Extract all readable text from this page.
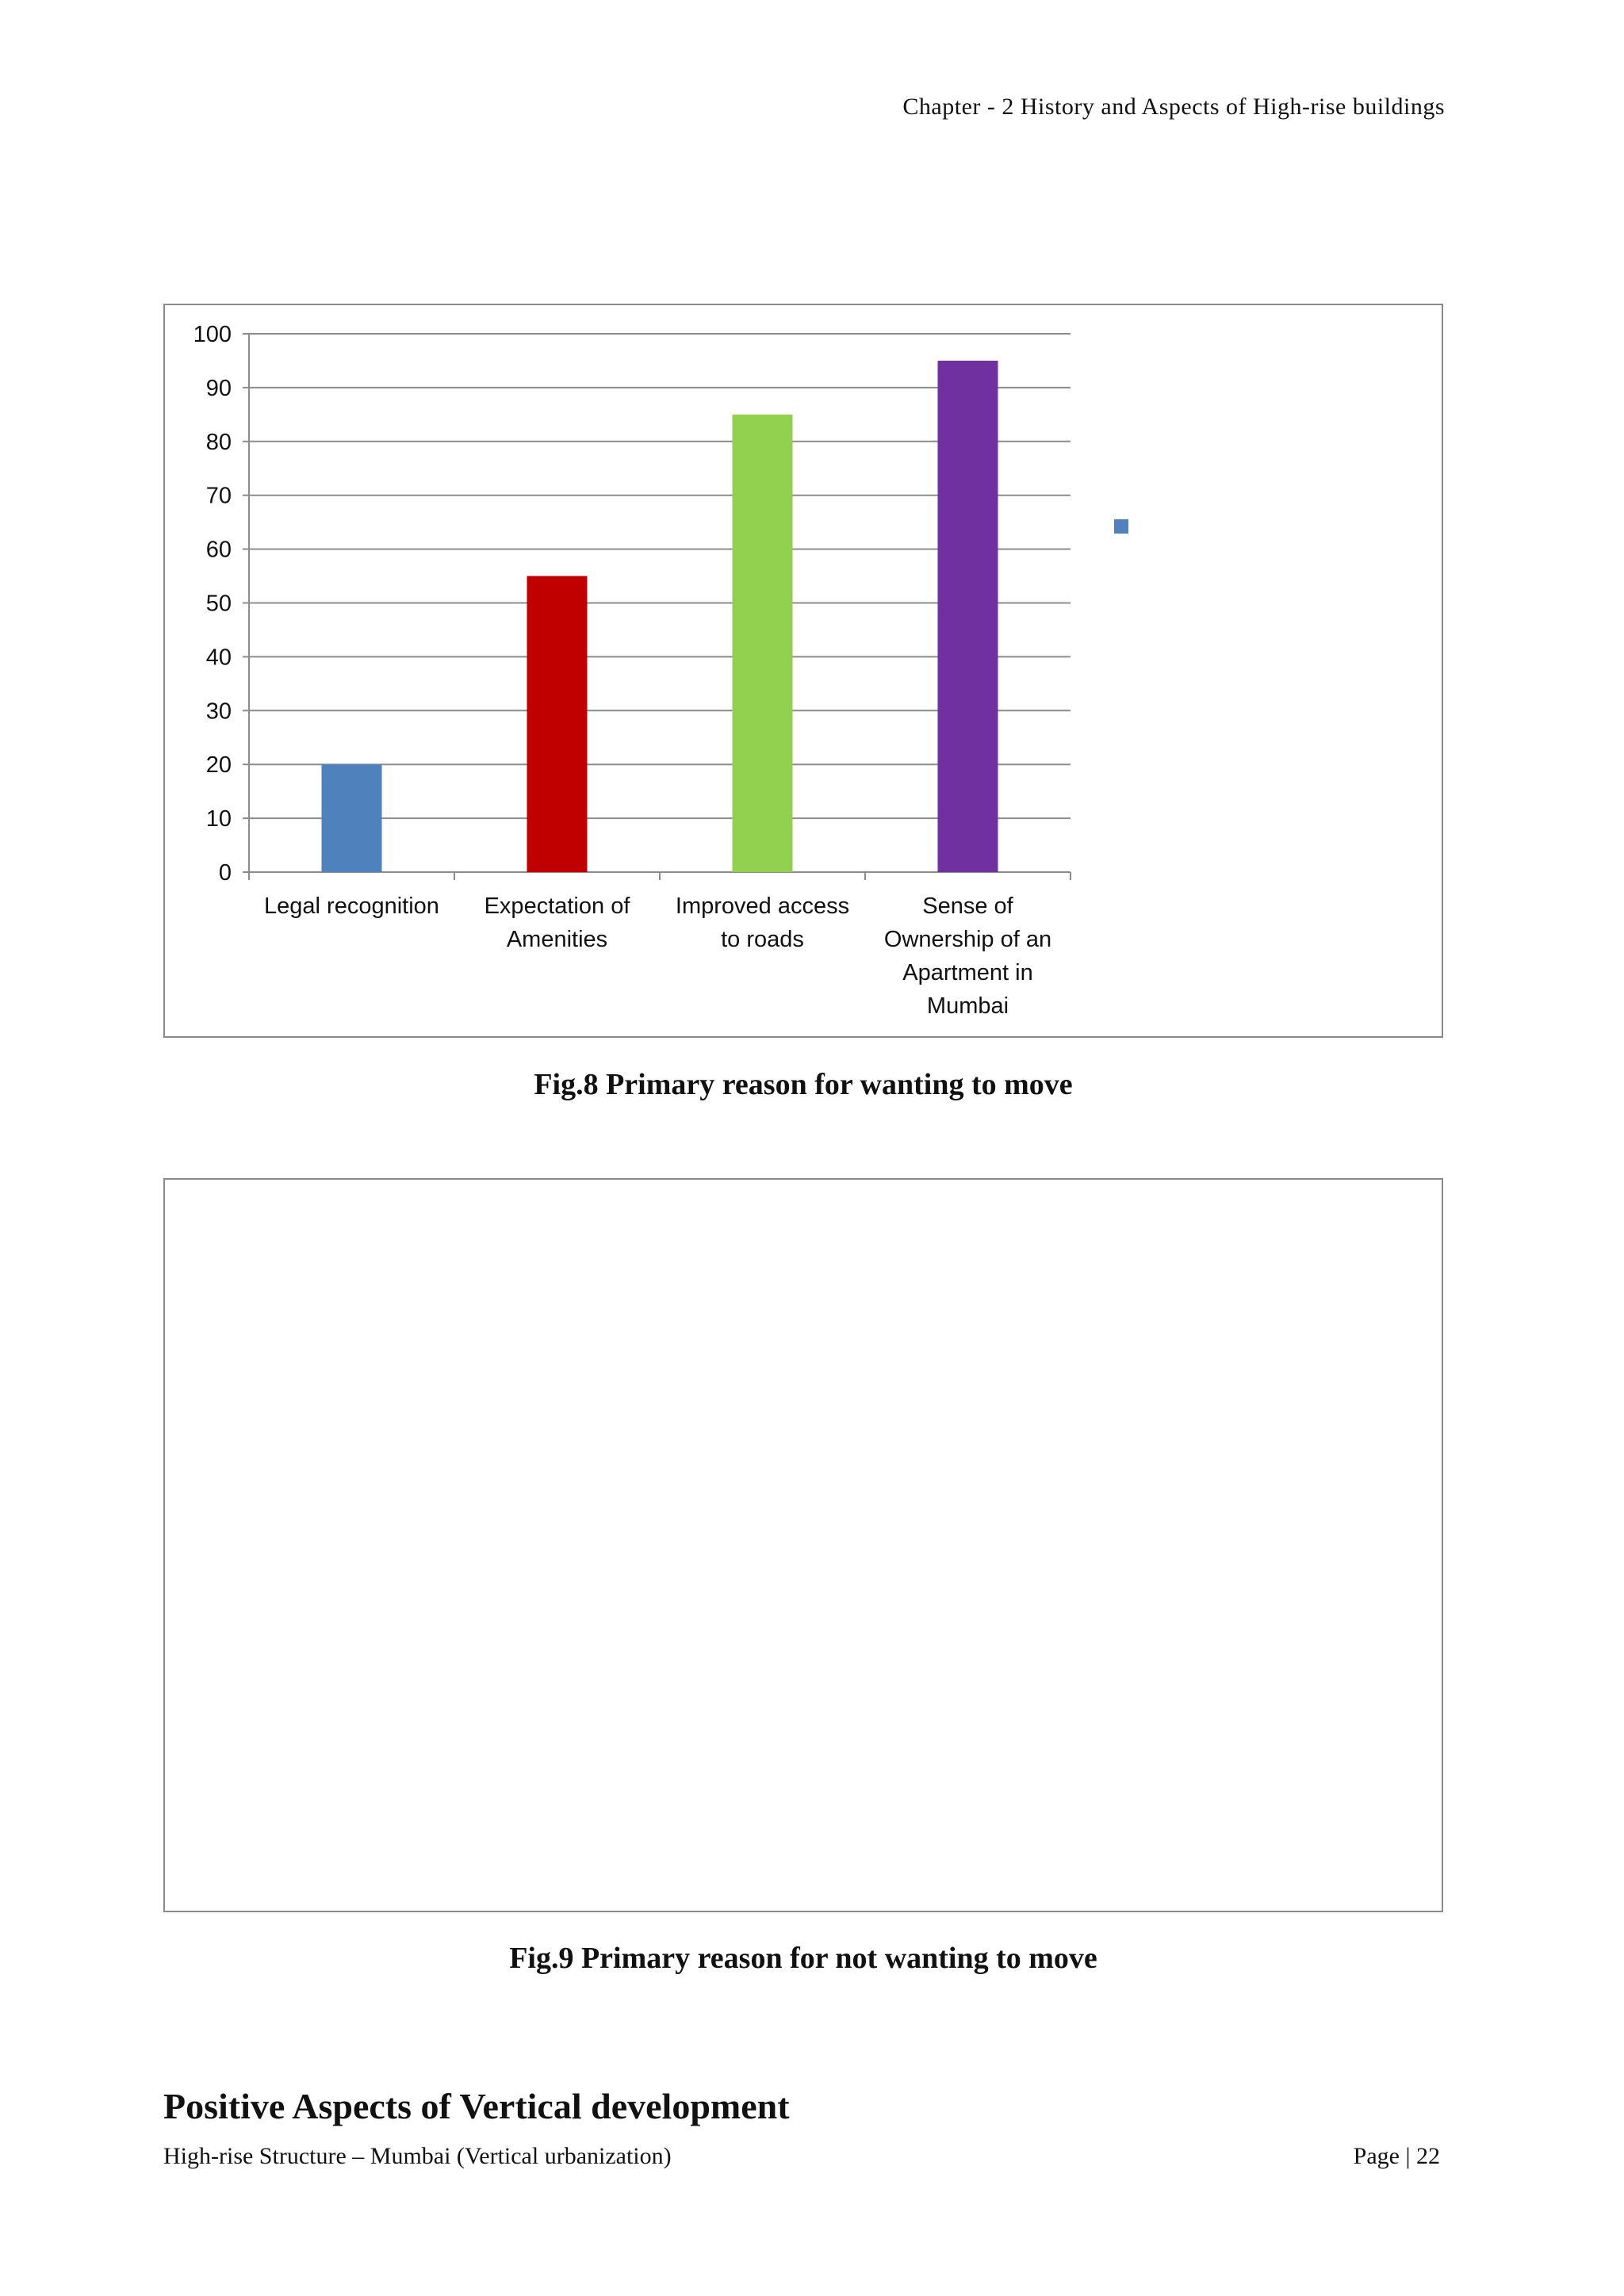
Chapter - 2 History and Aspects of High-rise buildings
0
10
20
30
40
50
60
70
80
90
100
Legal recognition Expectation of Amenities
Improved access to roads
Sense of Ownership of an Apartment in Mumbai
Fig.8 Primary reason for wanting to move
Fig.9 Primary reason for not wanting to move
Positive Aspects of Vertical development
High-rise Structure – Mumbai (Vertical urbanization)	Page | 22
